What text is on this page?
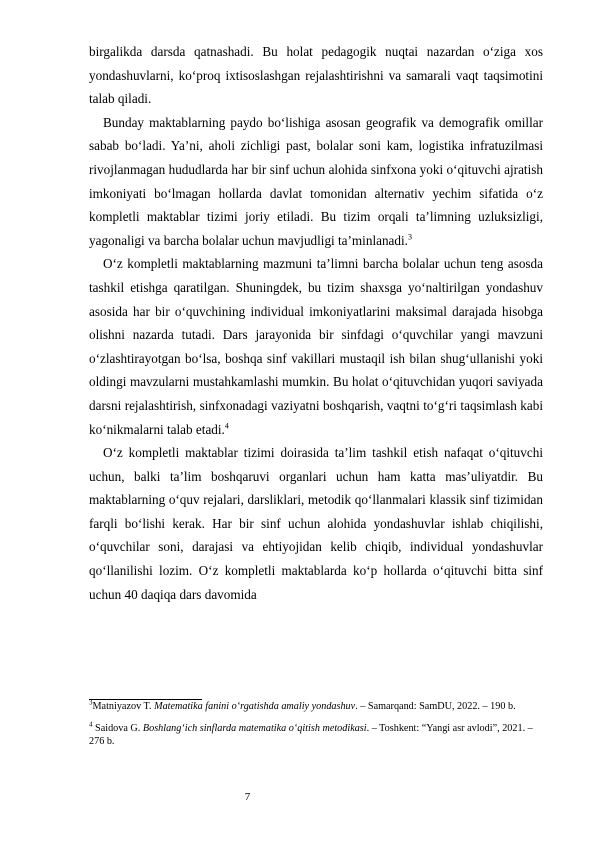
birgalikda darsda qatnashadi. Bu holat pedagogik nuqtai nazardan o‘ziga xos yondashuvlarni, ko‘proq ixtisoslashgan rejalashtirishni va samarali vaqt taqsimotini talab qiladi.

Bunday maktablarning paydo bo‘lishiga asosan geografik va demografik omillar sabab bo‘ladi. Ya’ni, aholi zichligi past, bolalar soni kam, logistika infratuzilmasi rivojlanmagan hududlarda har bir sinf uchun alohida sinfxona yoki o‘qituvchi ajratish imkoniyati bo‘lmagan hollarda davlat tomonidan alternativ yechim sifatida o‘z kompletli maktablar tizimi joriy etiladi. Bu tizim orqali ta’limning uzluksizligi, yagonaligi va barcha bolalar uchun mavjudligi ta’minlanadi.$^3$

O‘z kompletli maktablarning mazmuni ta’limni barcha bolalar uchun teng asosda tashkil etishga qaratilgan. Shuningdek, bu tizim shaxsga yo‘naltirilgan yondashuv asosida har bir o‘quvchining individual imkoniyatlarini maksimal darajada hisobga olishni nazarda tutadi. Dars jarayonida bir sinfdagi o‘quvchilar yangi mavzuni o‘zlashtirayotgan bo‘lsa, boshqa sinf vakillari mustaqil ish bilan shug‘ullanishi yoki oldingi mavzularni mustahkamlashi mumkin. Bu holat o‘qituvchidan yuqori saviyada darsni rejalashtirish, sinfxonadagi vaziyatni boshqarish, vaqtni to‘g‘ri taqsimlash kabi ko‘nikmalarni talab etadi.$^4$

O‘z kompletli maktablar tizimi doirasida ta’lim tashkil etish nafaqat o‘qituvchi uchun, balki ta’lim boshqaruvi organlari uchun ham katta mas’uliyatdir. Bu maktablarning o‘quv rejalari, darsliklari, metodik qo‘llanmalari klassik sinf tizimidan farqli bo‘lishi kerak. Har bir sinf uchun alohida yondashuvlar ishlab chiqilishi, o‘quvchilar soni, darajasi va ehtiyojidan kelib chiqib, individual yondashuvlar qo‘llanilishi lozim. O‘z kompletli maktablarda ko‘p hollarda o‘qituvchi bitta sinf uchun 40 daqiqa dars davomida

$^3$Matniyazov T. Matematika fanini o‘rgatishda amaliy yondashuv. – Samarqand: SamDU, 2022. – 190 b.

$^4$ Saidova G. Boshlang‘ich sinflarda matematika o‘qitish metodikasi. – Toshkent: “Yangi asr avlodi”, 2021. – 276 b.

7
